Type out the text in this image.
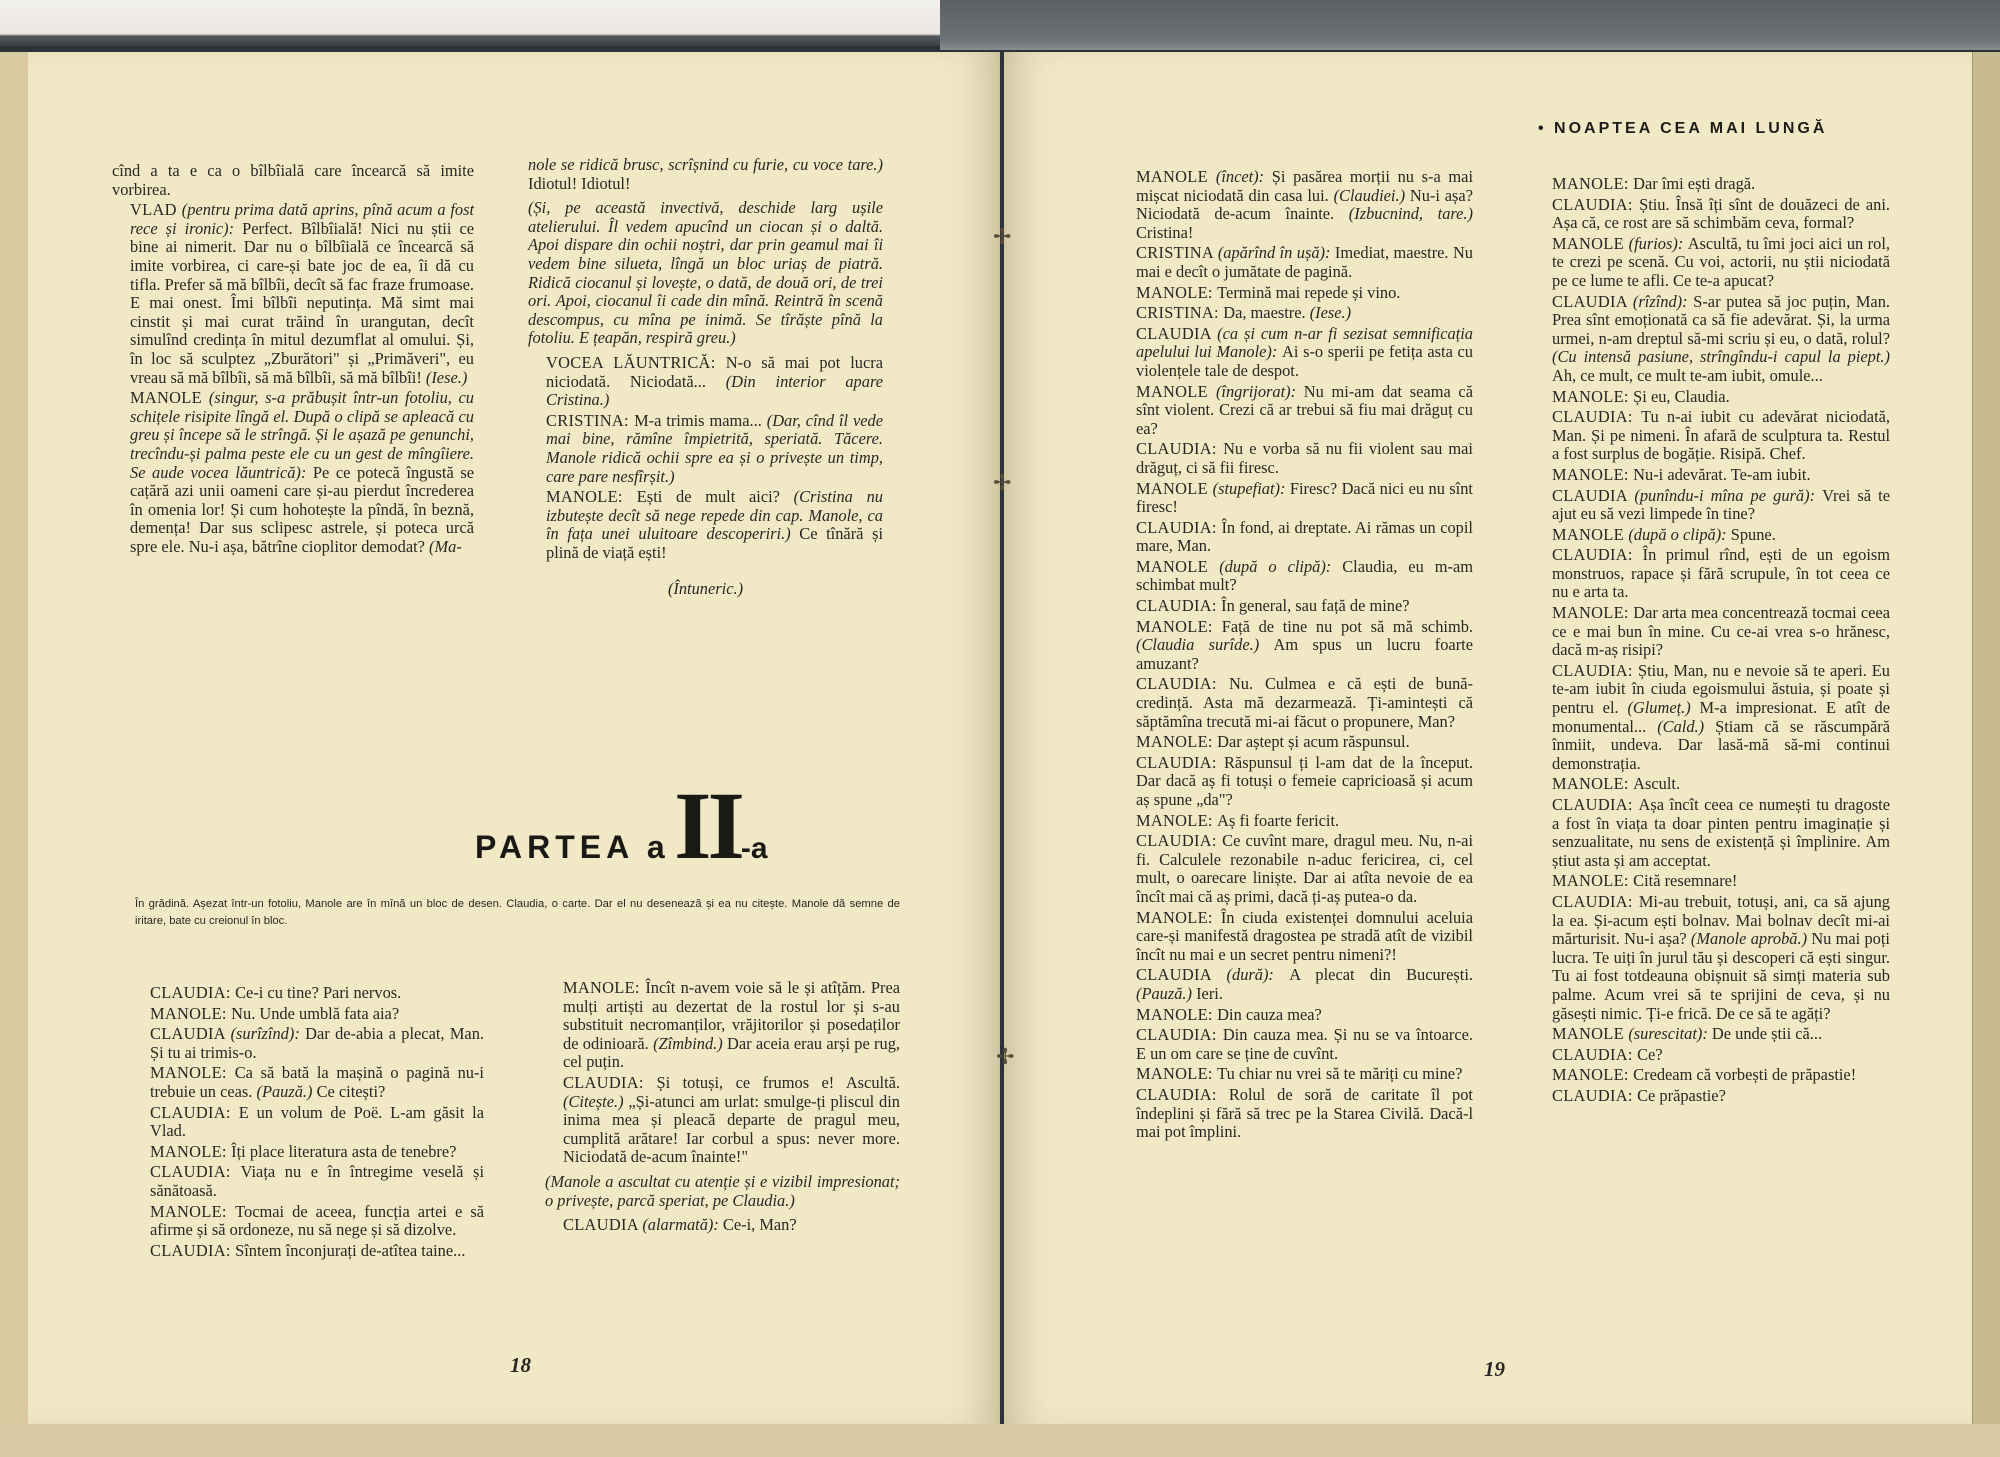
cînd a ta e ca o bîlbîială care încearcă să imite vorbirea.

VLAD (pentru prima dată aprins, pînă acum a fost rece și ironic): Perfect. Bîlbîială! Nici nu știi ce bine ai nimerit. Dar nu o bîlbîială ce încearcă să imite vorbirea, ci care-și bate joc de ea, îi dă cu tifla. Prefer să mă bîlbîi, decît să fac fraze frumoase. E mai onest. Îmi bîlbîi neputința. Mă simt mai cinstit și mai curat trăind în urangutan, decît simulînd credința în mitul dezumflat al omului. Și, în loc să sculptez „Zburători" și „Primăveri", eu vreau să mă bîlbîi, să mă bîlbîi, să mă bîlbîi! (Iese.)

MANOLE (singur, s-a prăbușit într-un fotoliu, cu schițele risipite lîngă el. După o clipă se apleacă cu greu și începe să le strîngă. Și le așază pe genunchi, trecîndu-și palma peste ele cu un gest de mîngîiere. Se aude vocea lăuntrică): Pe ce potecă îngustă se cațără azi unii oameni care și-au pierdut încrederea în omenia lor! Și cum hohotește la pîndă, în beznă, demența! Dar sus sclipesc astrele, și poteca urcă spre ele. Nu-i așa, bătrîne cioplitor demodat? (Ma-

nole se ridică brusc, scrîșnind cu furie, cu voce tare.) Idiotul! Idiotul!

(Și, pe această invectivă, deschide larg ușile atelierului. Îl vedem apucînd un ciocan și o daltă. Apoi dispare din ochii noștri, dar prin geamul mai îi vedem bine silueta, lîngă un bloc uriaș de piatră. Ridică ciocanul și lovește, o dată, de două ori, de trei ori. Apoi, ciocanul îi cade din mînă. Reintră în scenă descompus, cu mîna pe inimă. Se tîrăște pînă la fotoliu. E țeapăn, respiră greu.)

VOCEA LĂUNTRICĂ: N-o să mai pot lucra niciodată. Niciodată... (Din interior apare Cristina.)

CRISTINA: M-a trimis mama... (Dar, cînd îl vede mai bine, rămîne împietrită, speriată. Tăcere. Manole ridică ochii spre ea și o privește un timp, care pare nesfîrșit.)

MANOLE: Ești de mult aici? (Cristina nu izbutește decît să nege repede din cap. Manole, ca în fața unei uluitoare descoperiri.) Ce tînără și plină de viață ești!

(Întuneric.)

PARTEA a II-a
În grădină. Așezat într-un fotoliu, Manole are în mînă un bloc de desen. Claudia, o carte. Dar el nu desenează și ea nu citește. Manole dă semne de iritare, bate cu creionul în bloc.

CLAUDIA: Ce-i cu tine? Pari nervos.

MANOLE: Nu. Unde umblă fata aia?

CLAUDIA (surîzînd): Dar de-abia a plecat, Man. Și tu ai trimis-o.

MANOLE: Ca să bată la mașină o pagină nu-i trebuie un ceas. (Pauză.) Ce citești?

CLAUDIA: E un volum de Poë. L-am găsit la Vlad.

MANOLE: Îți place literatura asta de tenebre?

CLAUDIA: Viața nu e în întregime veselă și sănătoasă.

MANOLE: Tocmai de aceea, funcția artei e să afirme și să ordoneze, nu să nege și să dizolve.

CLAUDIA: Sîntem înconjurați de-atîtea taine...

MANOLE: Încît n-avem voie să le și atîțăm. Prea mulți artiști au dezertat de la rostul lor și s-au substituit necromanților, vrăjitorilor și posedaților de odinioară. (Zîmbind.) Dar aceia erau arși pe rug, cel puțin.

CLAUDIA: Și totuși, ce frumos e! Ascultă. (Citește.) „Și-atunci am urlat: smulge-ți pliscul din inima mea și pleacă departe de pragul meu, cumplită arătare! Iar corbul a spus: never more. Niciodată de-acum înainte!"

(Manole a ascultat cu atenție și e vizibil impresionat; o privește, parcă speriat, pe Claudia.)

CLAUDIA (alarmată): Ce-i, Man?

18
• NOAPTEA CEA MAI LUNGĂ

MANOLE (încet): Și pasărea morții nu s-a mai mișcat niciodată din casa lui. (Claudiei.) Nu-i așa? Niciodată de-acum înainte. (Izbucnind, tare.) Cristina!

CRISTINA (apărînd în ușă): Imediat, maestre. Nu mai e decît o jumătate de pagină.

MANOLE: Termină mai repede și vino.

CRISTINA: Da, maestre. (Iese.)

CLAUDIA (ca și cum n-ar fi sezisat semnificația apelului lui Manole): Ai s-o sperii pe fetița asta cu violențele tale de despot.

MANOLE (îngrijorat): Nu mi-am dat seama că sînt violent. Crezi că ar trebui să fiu mai drăguț cu ea?

CLAUDIA: Nu e vorba să nu fii violent sau mai drăguț, ci să fii firesc.

MANOLE (stupefiat): Firesc? Dacă nici eu nu sînt firesc!

CLAUDIA: În fond, ai dreptate. Ai rămas un copil mare, Man.

MANOLE (după o clipă): Claudia, eu m-am schimbat mult?

CLAUDIA: În general, sau față de mine?

MANOLE: Față de tine nu pot să mă schimb. (Claudia surîde.) Am spus un lucru foarte amuzant?

CLAUDIA: Nu. Culmea e că ești de bună-credință. Asta mă dezarmează. Ți-amintești că săptămîna trecută mi-ai făcut o propunere, Man?

MANOLE: Dar aștept și acum răspunsul.

CLAUDIA: Răspunsul ți l-am dat de la început. Dar dacă aș fi totuși o femeie capricioasă și acum aș spune „da"?

MANOLE: Aș fi foarte fericit.

CLAUDIA: Ce cuvînt mare, dragul meu. Nu, n-ai fi. Calculele rezonabile n-aduc fericirea, ci, cel mult, o oarecare liniște. Dar ai atîta nevoie de ea încît mai că aș primi, dacă ți-aș putea-o da.

MANOLE: În ciuda existenței domnului aceluia care-și manifestă dragostea pe stradă atît de vizibil încît nu mai e un secret pentru nimeni?!

CLAUDIA (dură): A plecat din București. (Pauză.) Ieri.

MANOLE: Din cauza mea?

CLAUDIA: Din cauza mea. Și nu se va întoarce. E un om care se ține de cuvînt.

MANOLE: Tu chiar nu vrei să te măriți cu mine?

CLAUDIA: Rolul de soră de caritate îl pot îndeplini și fără să trec pe la Starea Civilă. Dacă-l mai pot împlini.

MANOLE: Dar îmi ești dragă.

CLAUDIA: Știu. Însă îți sînt de douăzeci de ani. Așa că, ce rost are să schimbăm ceva, formal?

MANOLE (furios): Ascultă, tu îmi joci aici un rol, te crezi pe scenă. Cu voi, actorii, nu știi niciodată pe ce lume te afli. Ce te-a apucat?

CLAUDIA (rîzînd): S-ar putea să joc puțin, Man. Prea sînt emoționată ca să fie adevărat. Și, la urma urmei, n-am dreptul să-mi scriu și eu, o dată, rolul? (Cu intensă pasiune, strîngîndu-i capul la piept.) Ah, ce mult, ce mult te-am iubit, omule...

MANOLE: Și eu, Claudia.

CLAUDIA: Tu n-ai iubit cu adevărat niciodată, Man. Și pe nimeni. În afară de sculptura ta. Restul a fost surplus de bogăție. Risipă. Chef.

MANOLE: Nu-i adevărat. Te-am iubit.

CLAUDIA (punîndu-i mîna pe gură): Vrei să te ajut eu să vezi limpede în tine?

MANOLE (după o clipă): Spune.

CLAUDIA: În primul rînd, ești de un egoism monstruos, rapace și fără scrupule, în tot ceea ce nu e arta ta.

MANOLE: Dar arta mea concentrează tocmai ceea ce e mai bun în mine. Cu ce-ai vrea s-o hrănesc, dacă m-aș risipi?

CLAUDIA: Știu, Man, nu e nevoie să te aperi. Eu te-am iubit în ciuda egoismului ăstuia, și poate și pentru el. (Glumeț.) M-a impresionat. E atît de monumental... (Cald.) Știam că se răscumpără înmiit, undeva. Dar lasă-mă să-mi continui demonstrația.

MANOLE: Ascult.

CLAUDIA: Așa încît ceea ce numești tu dragoste a fost în viața ta doar pinten pentru imaginație și senzualitate, nu sens de existență și împlinire. Am știut asta și am acceptat.

MANOLE: Cită resemnare!

CLAUDIA: Mi-au trebuit, totuși, ani, ca să ajung la ea. Și-acum ești bolnav. Mai bolnav decît mi-ai mărturisit. Nu-i așa? (Manole aprobă.) Nu mai poți lucra. Te uiți în jurul tău și descoperi că ești singur. Tu ai fost totdeauna obișnuit să simți materia sub palme. Acum vrei să te sprijini de ceva, și nu găsești nimic. Ți-e frică. De ce să te agăți?

MANOLE (surescitat): De unde știi că...

CLAUDIA: Ce?

MANOLE: Credeam că vorbești de prăpastie!

CLAUDIA: Ce prăpastie?

19
✢
✢
✢
